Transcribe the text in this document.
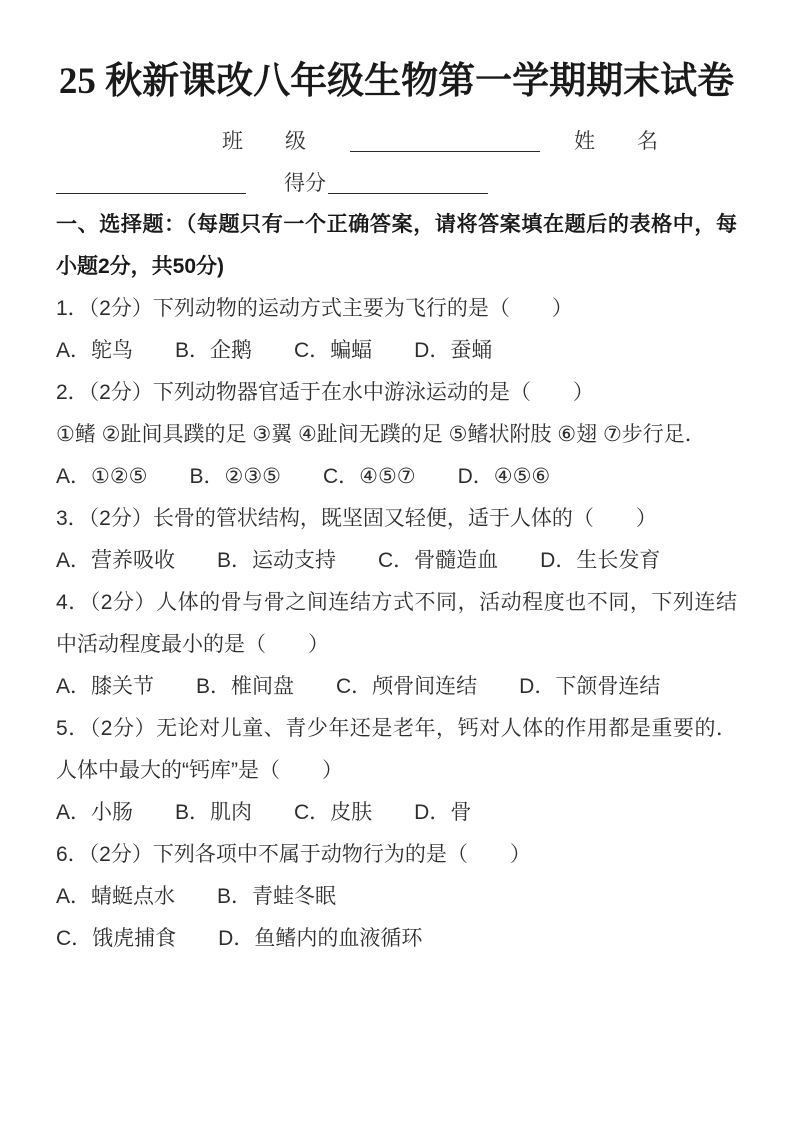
25 秋新课改八年级生物第一学期期末试卷
班　　级	姓　　名
得分
一、选择题：（每题只有一个正确答案，请将答案填在题后的表格中，每小题2分，共50分)
1．（2分）下列动物的运动方式主要为飞行的是（　　）
A．鸵鸟　　B．企鹅　　C．蝙蝠　　D．蚕蛹
2．（2分）下列动物器官适于在水中游泳运动的是（　　）
①鳍 ②趾间具蹼的足 ③翼 ④趾间无蹼的足 ⑤鳍状附肢 ⑥翅 ⑦步行足．
A．①②⑤　　B．②③⑤　　C．④⑤⑦　　D．④⑤⑥
3．（2分）长骨的管状结构，既坚固又轻便，适于人体的（　　）
A．营养吸收　　B．运动支持　　C．骨髓造血　　D．生长发育
4．（2分）人体的骨与骨之间连结方式不同，活动程度也不同，下列连结中活动程度最小的是（　　）
A．膝关节　　B．椎间盘　　C．颅骨间连结　　D．下颌骨连结
5．（2分）无论对儿童、青少年还是老年，钙对人体的作用都是重要的．人体中最大的“钙库”是（　　）
A．小肠　　B．肌肉　　C．皮肤　　D．骨
6．（2分）下列各项中不属于动物行为的是（　　）
A．蜻蜓点水　　B．青蛙冬眠
C．饿虎捕食　　D．鱼鳍内的血液循环
